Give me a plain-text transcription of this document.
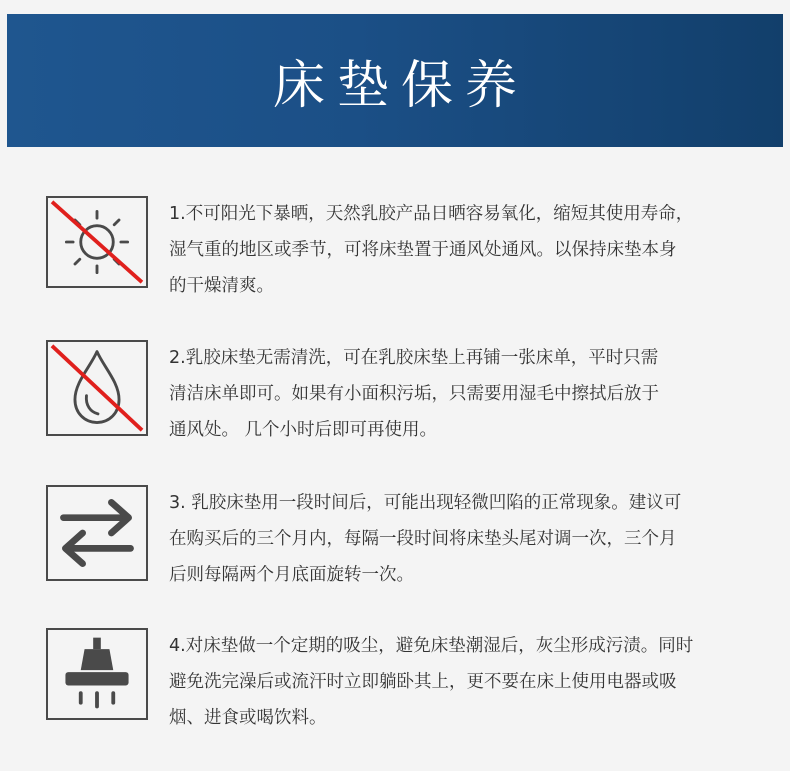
床垫保养
1.不可阳光下暴晒，天然乳胶产品日晒容易氧化，缩短其使用寿命，
湿气重的地区或季节，可将床垫置于通风处通风。以保持床垫本身
的干燥清爽。
2.乳胶床垫无需清洗，可在乳胶床垫上再铺一张床单，平时只需
清洁床单即可。如果有小面积污垢，只需要用湿毛中擦拭后放于
通风处。 几个小时后即可再使用。
3. 乳胶床垫用一段时间后，可能出现轻微凹陷的正常现象。建议可
在购买后的三个月内，每隔一段时间将床垫头尾对调一次，三个月
后则每隔两个月底面旋转一次。
4.对床垫做一个定期的吸尘，避免床垫潮湿后，灰尘形成污渍。同时
避免洗完澡后或流汗时立即躺卧其上，更不要在床上使用电器或吸
烟、进食或喝饮料。
